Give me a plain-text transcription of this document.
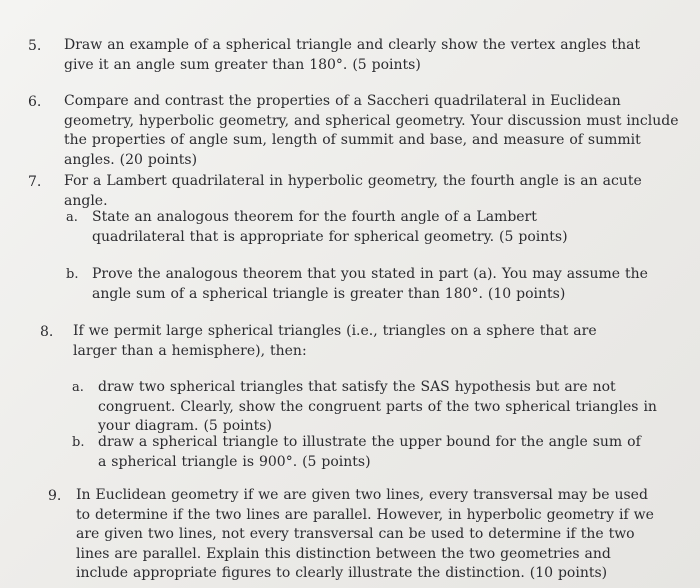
5. Draw an example of a spherical triangle and clearly show the vertex angles that give it an angle sum greater than 180°. (5 points)

6. Compare and contrast the properties of a Saccheri quadrilateral in Euclidean geometry, hyperbolic geometry, and spherical geometry. Your discussion must include the properties of angle sum, length of summit and base, and measure of summit angles. (20 points)

7. For a Lambert quadrilateral in hyperbolic geometry, the fourth angle is an acute angle.

a. State an analogous theorem for the fourth angle of a Lambert quadrilateral that is appropriate for spherical geometry. (5 points)

b. Prove the analogous theorem that you stated in part (a). You may assume the angle sum of a spherical triangle is greater than 180°. (10 points)

8. If we permit large spherical triangles (i.e., triangles on a sphere that are larger than a hemisphere), then:

a. draw two spherical triangles that satisfy the SAS hypothesis but are not congruent. Clearly, show the congruent parts of the two spherical triangles in your diagram. (5 points)

b. draw a spherical triangle to illustrate the upper bound for the angle sum of a spherical triangle is 900°. (5 points)

9. In Euclidean geometry if we are given two lines, every transversal may be used to determine if the two lines are parallel. However, in hyperbolic geometry if we are given two lines, not every transversal can be used to determine if the two lines are parallel. Explain this distinction between the two geometries and include appropriate figures to clearly illustrate the distinction. (10 points)
